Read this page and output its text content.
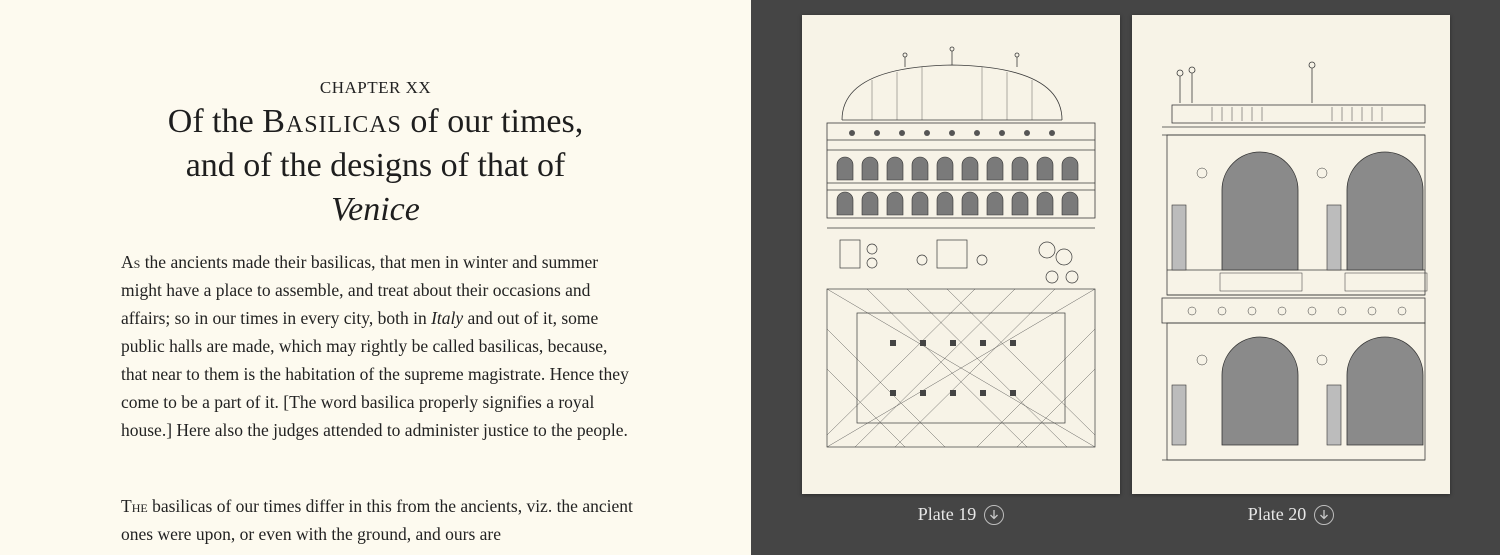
CHAPTER XX
Of the Basilicas of our times,
and of the designs of that of
Venice

As the ancients made their basilicas, that men in winter and summer might have a place to assemble, and treat about their occasions and affairs; so in our times in every city, both in Italy and out of it, some public halls are made, which may rightly be called basilicas, because, that near to them is the habitation of the supreme magistrate. Hence they come to be a part of it. [The word basilica properly signifies a royal house.] Here also the judges attended to administer justice to the people.

The basilicas of our times differ in this from the ancients, viz. the ancient ones were upon, or even with the ground, and ours are

Plate 19	Plate 20
